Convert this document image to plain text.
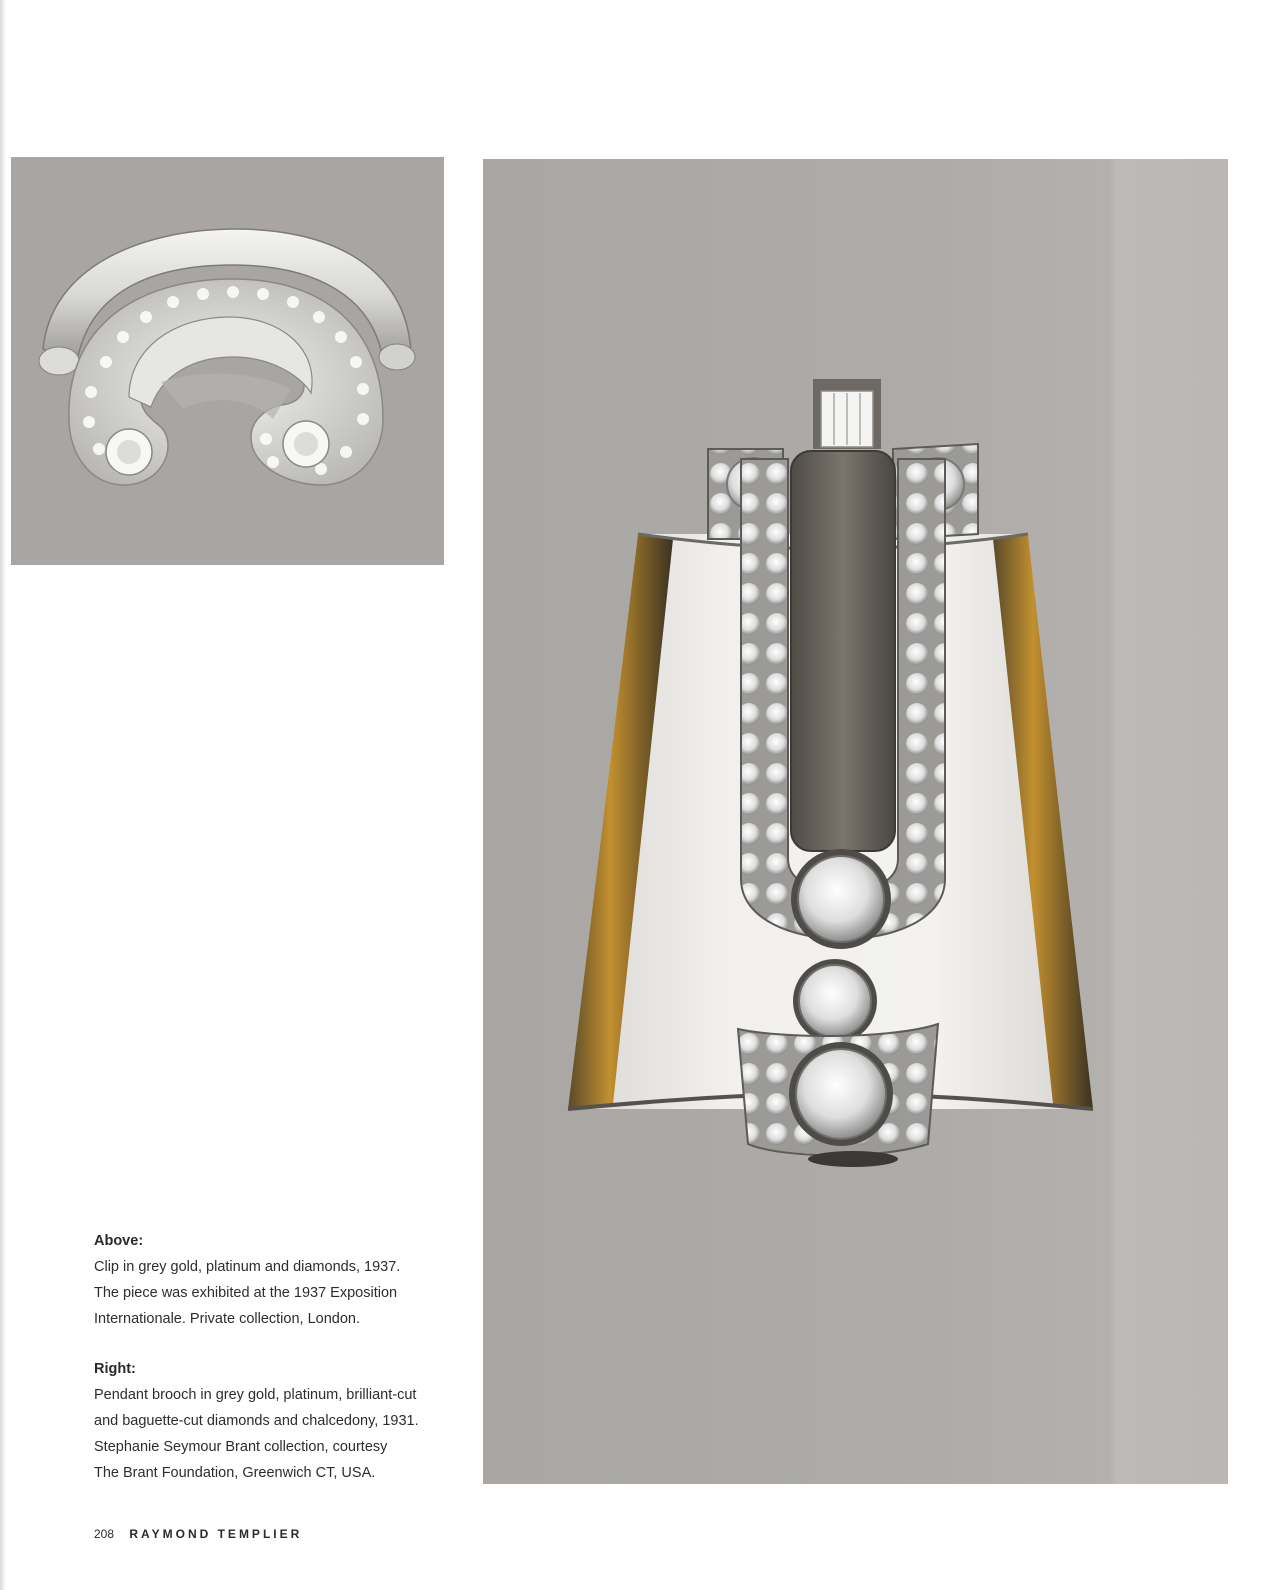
Above:
Clip in grey gold, platinum and diamonds, 1937.
The piece was exhibited at the 1937 Exposition
Internationale. Private collection, London.
Right:
Pendant brooch in grey gold, platinum, brilliant-cut
and baguette-cut diamonds and chalcedony, 1931.
Stephanie Seymour Brant collection, courtesy
The Brant Foundation, Greenwich CT, USA.
208 RAYMOND TEMPLIER
